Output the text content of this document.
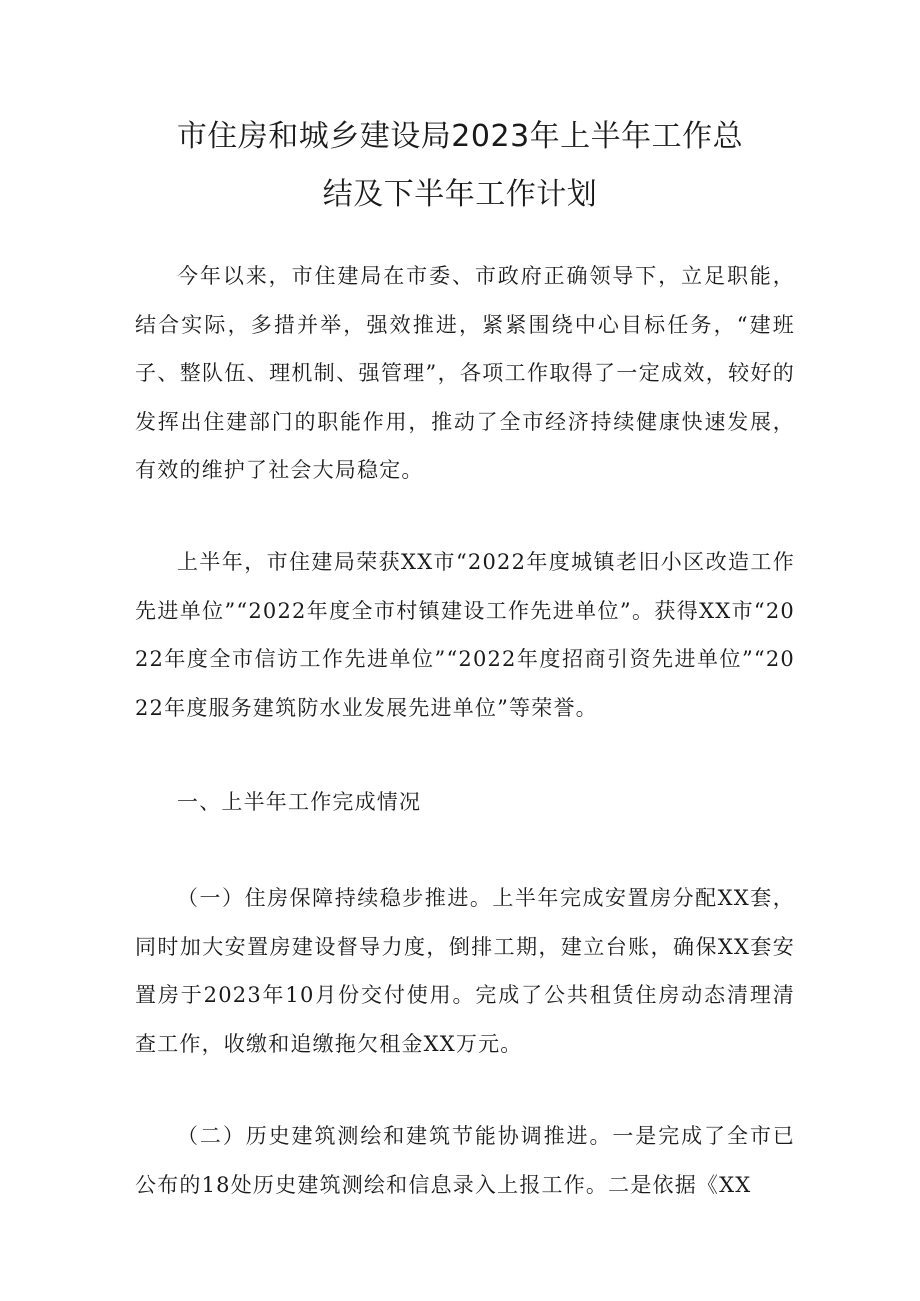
市住房和城乡建设局2023年上半年工作总
结及下半年工作计划

今年以来，市住建局在市委、市政府正确领导下，立足职能，结合实际，多措并举，强效推进，紧紧围绕中心目标任务，“建班子、整队伍、理机制、强管理”，各项工作取得了一定成效，较好的发挥出住建部门的职能作用，推动了全市经济持续健康快速发展，有效的维护了社会大局稳定。

上半年，市住建局荣获XX市“2022年度城镇老旧小区改造工作先进单位”“2022年度全市村镇建设工作先进单位”。获得XX市“2022年度全市信访工作先进单位”“2022年度招商引资先进单位”“2022年度服务建筑防水业发展先进单位”等荣誉。

一、上半年工作完成情况

（一）住房保障持续稳步推进。上半年完成安置房分配XX套，同时加大安置房建设督导力度，倒排工期，建立台账，确保XX套安置房于2023年10月份交付使用。完成了公共租赁住房动态清理清查工作，收缴和追缴拖欠租金XX万元。

（二）历史建筑测绘和建筑节能协调推进。一是完成了全市已公布的18处历史建筑测绘和信息录入上报工作。二是依据《XX
